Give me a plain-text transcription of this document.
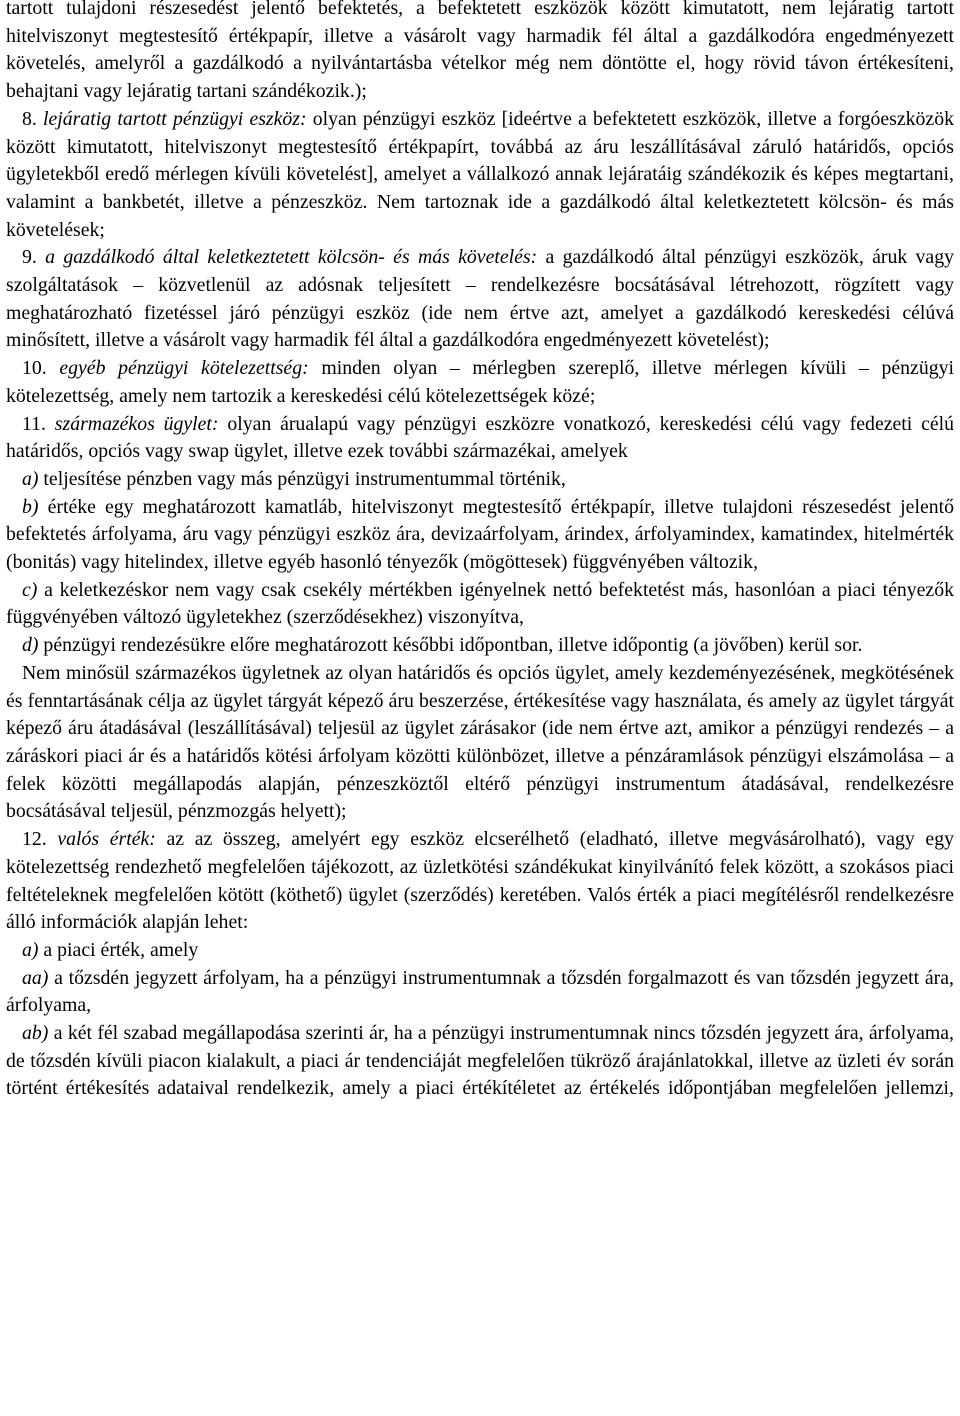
tartott tulajdoni részesedést jelentő befektetés, a befektetett eszközök között kimutatott, nem lejáratig tartott hitelviszonyt megtestesítő értékpapír, illetve a vásárolt vagy harmadik fél által a gazdálkodóra engedményezett követelés, amelyről a gazdálkodó a nyilvántartásba vételkor még nem döntötte el, hogy rövid távon értékesíteni, behajtani vagy lejáratig tartani szándékozik.);

8. lejáratig tartott pénzügyi eszköz: olyan pénzügyi eszköz [ideértve a befektetett eszközök, illetve a forgóeszközök között kimutatott, hitelviszonyt megtestesítő értékpapírt, továbbá az áru leszállításával záruló határidős, opciós ügyletekből eredő mérlegen kívüli követelést], amelyet a vállalkozó annak lejáratáig szándékozik és képes megtartani, valamint a bankbetét, illetve a pénzeszköz. Nem tartoznak ide a gazdálkodó által keletkeztetett kölcsön- és más követelések;

9. a gazdálkodó által keletkeztetett kölcsön- és más követelés: a gazdálkodó által pénzügyi eszközök, áruk vagy szolgáltatások – közvetlenül az adósnak teljesített – rendelkezésre bocsátásával létrehozott, rögzített vagy meghatározható fizetéssel járó pénzügyi eszköz (ide nem értve azt, amelyet a gazdálkodó kereskedési célúvá minősített, illetve a vásárolt vagy harmadik fél által a gazdálkodóra engedményezett követelést);

10. egyéb pénzügyi kötelezettség: minden olyan – mérlegben szereplő, illetve mérlegen kívüli – pénzügyi kötelezettség, amely nem tartozik a kereskedési célú kötelezettségek közé;

11. származékos ügylet: olyan árualapú vagy pénzügyi eszközre vonatkozó, kereskedési célú vagy fedezeti célú határidős, opciós vagy swap ügylet, illetve ezek további származékai, amelyek

a) teljesítése pénzben vagy más pénzügyi instrumentummal történik,

b) értéke egy meghatározott kamatláb, hitelviszonyt megtestesítő értékpapír, illetve tulajdoni részesedést jelentő befektetés árfolyama, áru vagy pénzügyi eszköz ára, devizaárfolyam, árindex, árfolyamindex, kamatindex, hitelmérték (bonitás) vagy hitelindex, illetve egyéb hasonló tényezők (mögöttesek) függvényében változik,

c) a keletkezéskor nem vagy csak csekély mértékben igényelnek nettó befektetést más, hasonlóan a piaci tényezők függvényében változó ügyletekhez (szerződésekhez) viszonyítva,

d) pénzügyi rendezésükre előre meghatározott későbbi időpontban, illetve időpontig (a jövőben) kerül sor.

Nem minősül származékos ügyletnek az olyan határidős és opciós ügylet, amely kezdeményezésének, megkötésének és fenntartásának célja az ügylet tárgyát képező áru beszerzése, értékesítése vagy használata, és amely az ügylet tárgyát képező áru átadásával (leszállításával) teljesül az ügylet zárásakor (ide nem értve azt, amikor a pénzügyi rendezés – a záráskori piaci ár és a határidős kötési árfolyam közötti különbözet, illetve a pénzáramlások pénzügyi elszámolása – a felek közötti megállapodás alapján, pénzeszköztől eltérő pénzügyi instrumentum átadásával, rendelkezésre bocsátásával teljesül, pénzmozgás helyett);

12. valós érték: az az összeg, amelyért egy eszköz elcserélhető (eladható, illetve megvásárolható), vagy egy kötelezettség rendezhető megfelelően tájékozott, az üzletkötési szándékukat kinyilvánító felek között, a szokásos piaci feltételeknek megfelelően kötött (köthető) ügylet (szerződés) keretében. Valós érték a piaci megítélésről rendelkezésre álló információk alapján lehet:

a) a piaci érték, amely

aa) a tőzsdén jegyzett árfolyam, ha a pénzügyi instrumentumnak a tőzsdén forgalmazott és van tőzsdén jegyzett ára, árfolyama,

ab) a két fél szabad megállapodása szerinti ár, ha a pénzügyi instrumentumnak nincs tőzsdén jegyzett ára, árfolyama, de tőzsdén kívüli piacon kialakult, a piaci ár tendenciáját megfelelően tükröző árajánlatokkal, illetve az üzleti év során történt értékesítés adataival rendelkezik, amely a piaci értékítéletet az értékelés időpontjában megfelelően jellemzi,
